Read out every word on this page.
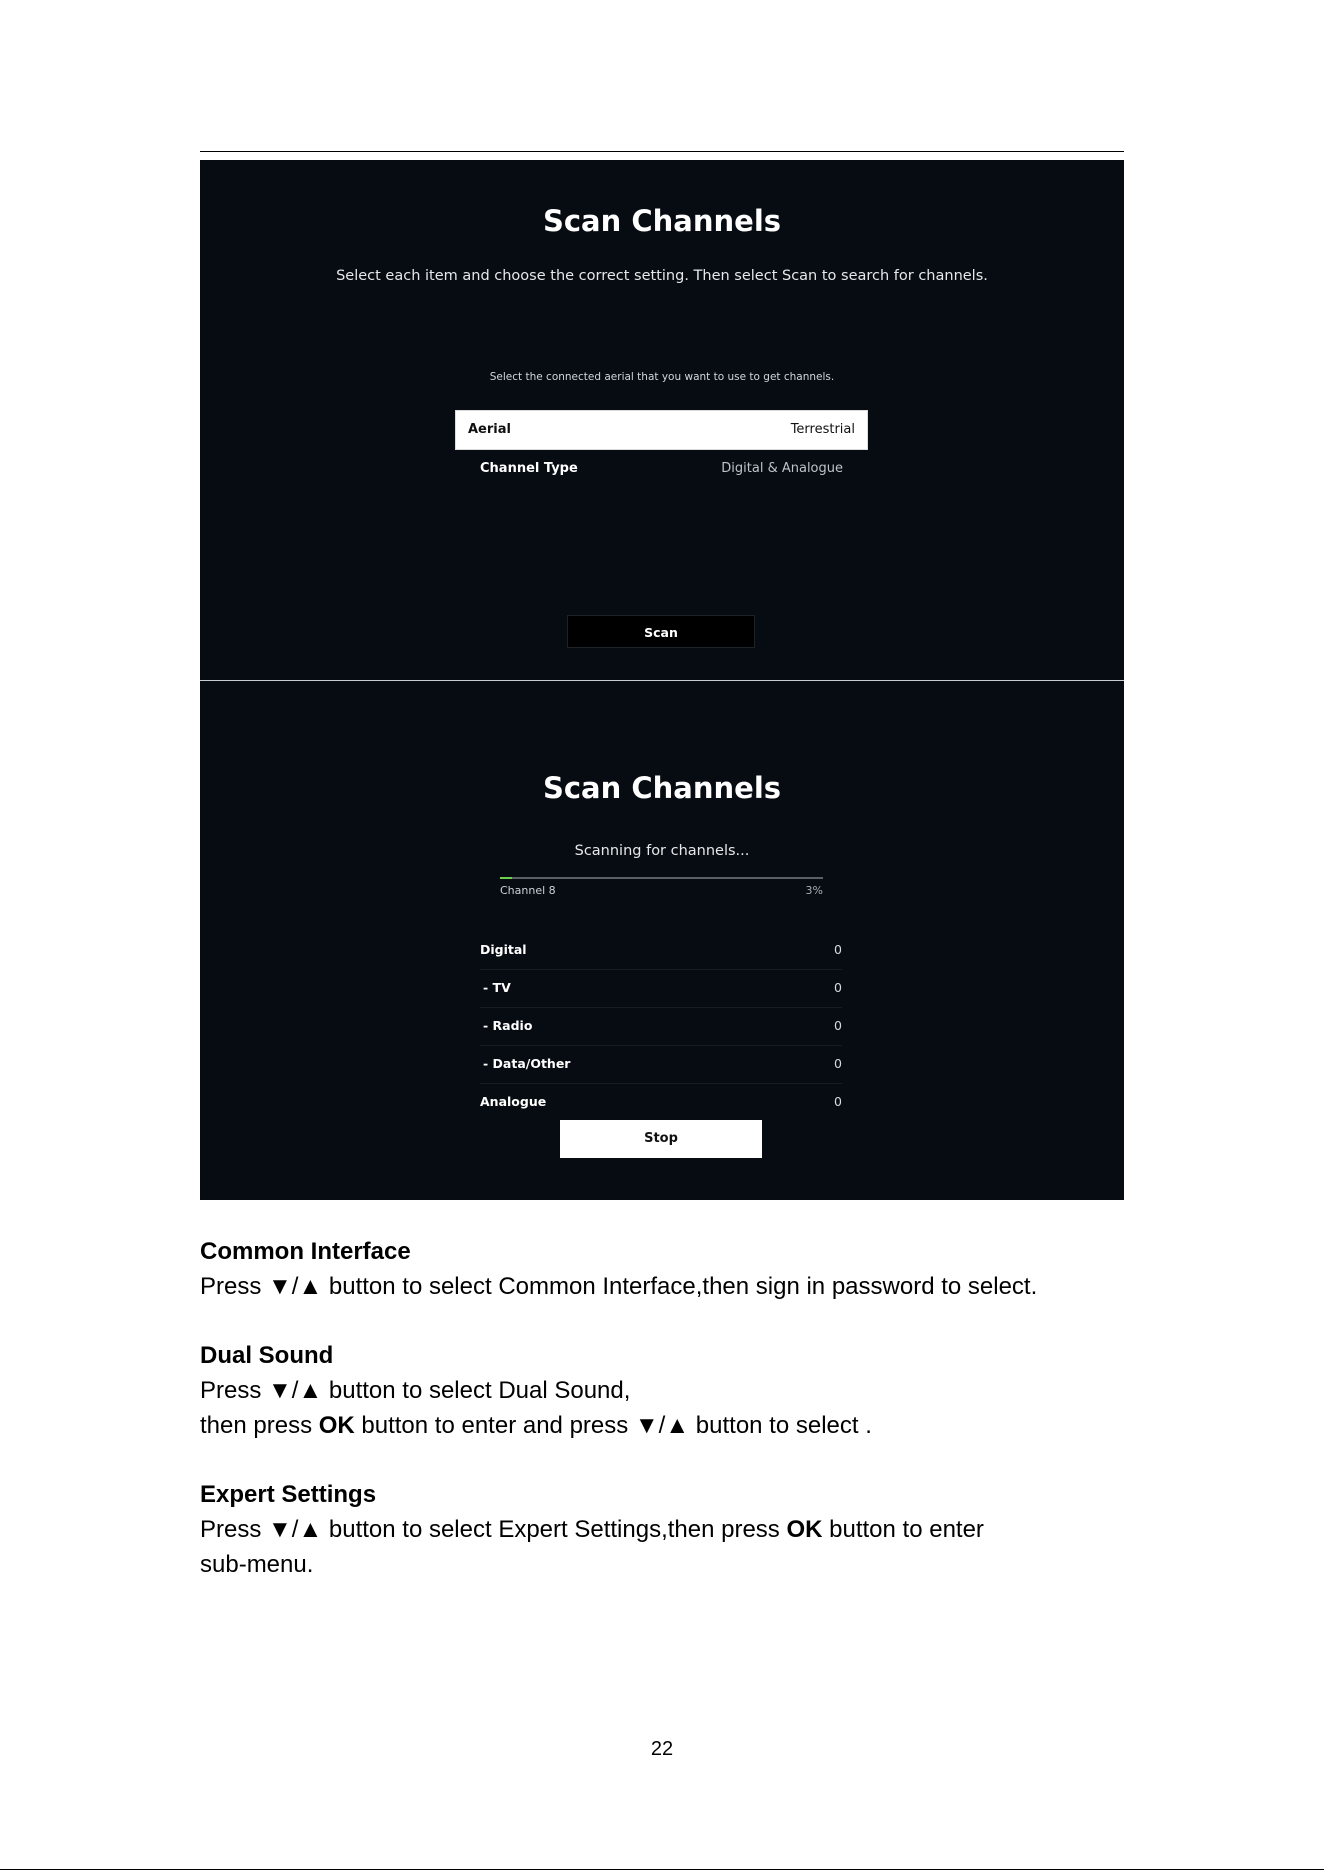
Scan Channels
Select each item and choose the correct setting. Then select Scan to search for channels.
Select the connected aerial that you want to use to get channels.
Aerial	Terrestrial
Channel Type	Digital & Analogue
Scan
Scan Channels
Scanning for channels...
Channel 8	3%
Digital	0
- TV	0
- Radio	0
- Data/Other	0
Analogue	0
Stop
Common Interface
Press ▼/▲ button to select Common Interface,then sign in password to select.
Dual Sound
Press ▼/▲ button to select Dual Sound,
then press OK button to enter and press ▼/▲ button to select .
Expert Settings
Press ▼/▲ button to select Expert Settings,then press OK button to enter
sub-menu.
22
